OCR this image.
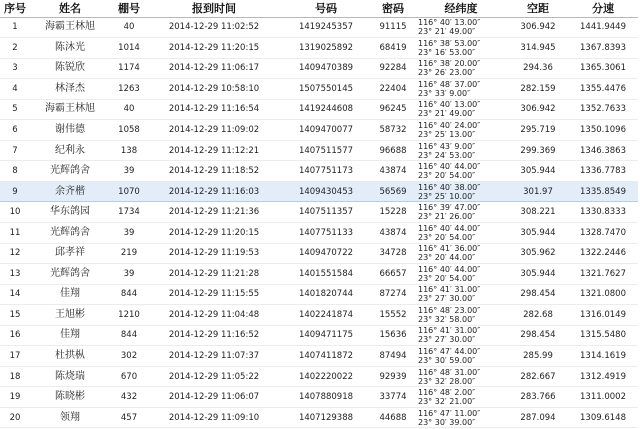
序号	姓名	棚号	报到时间	号码	密码	经纬度	空距	分速
1	海霸王林旭	40	2014-12-29 11:02:52	1419245357	91115	116° 40′ 13.00″
23° 21′ 49.00″	306.942	1441.9449
2	陈沐光	1014	2014-12-29 11:20:15	1319025892	68419	116° 38′ 53.00″
23° 16′ 53.00″	314.945	1367.8393
3	陈锐欣	1174	2014-12-29 11:06:17	1409470389	92284	116° 38′ 20.00″
23° 26′ 23.00″	294.36	1365.3061
4	林泽杰	1263	2014-12-29 10:58:10	1507550145	22404	116° 48′ 37.00″
23° 33′ 9.00″	282.159	1355.4476
5	海霸王林旭	40	2014-12-29 11:16:54	1419244608	96245	116° 40′ 13.00″
23° 21′ 49.00″	306.942	1352.7633
6	谢伟德	1058	2014-12-29 11:09:02	1409470077	58732	116° 40′ 24.00″
23° 25′ 13.00″	295.719	1350.1096
7	纪利永	138	2014-12-29 11:12:21	1407511577	96688	116° 43′ 9.00″
23° 24′ 53.00″	299.369	1346.3863
8	光辉鸽舍	39	2014-12-29 11:18:52	1407751173	43874	116° 40′ 44.00″
23° 20′ 54.00″	305.944	1336.7783
9	余齐楷	1070	2014-12-29 11:16:03	1409430453	56569	116° 40′ 38.00″
23° 25′ 10.00″	301.97	1335.8549
10	华东鸽园	1734	2014-12-29 11:21:36	1407511357	15228	116° 39′ 47.00″
23° 21′ 26.00″	308.221	1330.8333
11	光辉鸽舍	39	2014-12-29 11:20:15	1407751133	43874	116° 40′ 44.00″
23° 20′ 54.00″	305.944	1328.7470
12	邱孝祥	219	2014-12-29 11:19:53	1409470722	34728	116° 41′ 36.00″
23° 20′ 44.00″	305.962	1322.2446
13	光辉鸽舍	39	2014-12-29 11:21:28	1401551584	66657	116° 40′ 44.00″
23° 20′ 54.00″	305.944	1321.7627
14	佳翔	844	2014-12-29 11:15:55	1401820744	87274	116° 41′ 31.00″
23° 27′ 30.00″	298.454	1321.0800
15	王旭彬	1210	2014-12-29 11:04:48	1402241874	15552	116° 48′ 23.00″
23° 32′ 58.00″	282.68	1316.0149
16	佳翔	844	2014-12-29 11:16:52	1409471175	15636	116° 41′ 31.00″
23° 27′ 30.00″	298.454	1315.5480
17	杜拱枞	302	2014-12-29 11:07:37	1407411872	87494	116° 47′ 44.00″
23° 30′ 59.00″	285.99	1314.1619
18	陈烧瑞	670	2014-12-29 11:05:22	1402220022	92939	116° 48′ 31.00″
23° 32′ 28.00″	282.667	1312.4919
19	陈晓彬	432	2014-12-29 11:06:07	1407880918	33774	116° 48′ 2.00″
23° 32′ 21.00″	283.766	1311.0002
20	领翔	457	2014-12-29 11:09:10	1407129388	44688	116° 47′ 11.00″
23° 30′ 39.00″	287.094	1309.6148
